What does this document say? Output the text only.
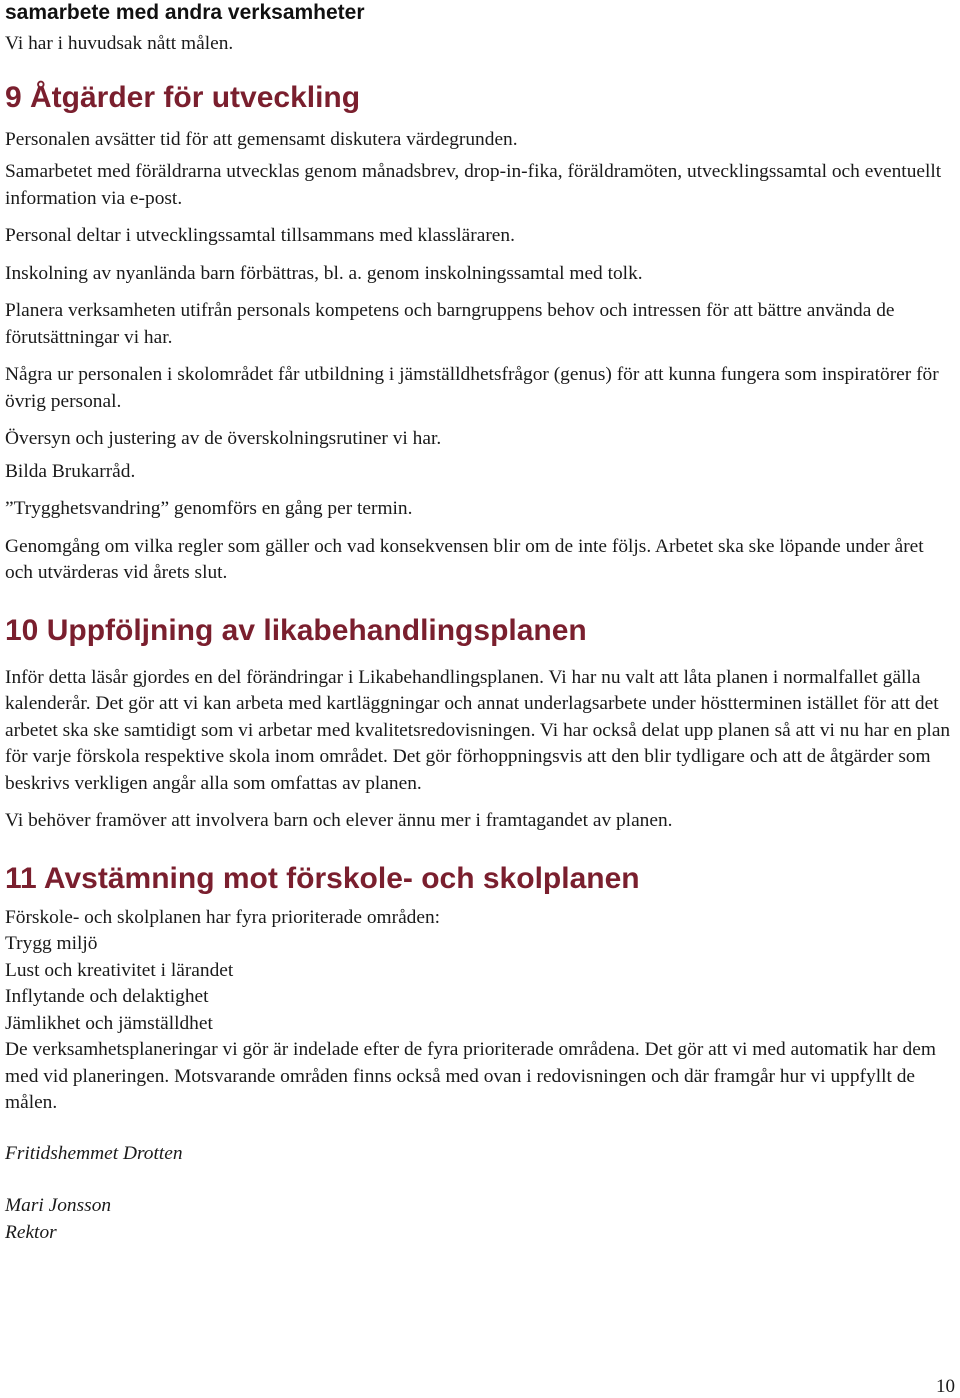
samarbete med andra verksamheter

Vi har i huvudsak nått målen.

9 Åtgärder för utveckling

Personalen avsätter tid för att gemensamt diskutera värdegrunden.

Samarbetet med föräldrarna utvecklas genom månadsbrev, drop-in-fika, föräldramöten, utvecklingssamtal och eventuellt information via e-post.

Personal deltar i utvecklingssamtal tillsammans med klassläraren.

Inskolning av nyanlända barn förbättras, bl. a. genom inskolningssamtal med tolk.

Planera verksamheten utifrån personals kompetens och barngruppens behov och intressen för att bättre använda de förutsättningar vi har.

Några ur personalen i skolområdet får utbildning i jämställdhetsfrågor (genus) för att kunna fungera som inspiratörer för övrig personal.

Översyn och justering av de överskolningsrutiner vi har.

Bilda Brukarråd.

”Trygghetsvandring” genomförs en gång per termin.

Genomgång om vilka regler som gäller och vad konsekvensen blir om de inte följs. Arbetet ska ske löpande under året och utvärderas vid årets slut.

10 Uppföljning av likabehandlingsplanen

Inför detta läsår gjordes en del förändringar i Likabehandlingsplanen. Vi har nu valt att låta planen i normalfallet gälla kalenderår. Det gör att vi kan arbeta med kartläggningar och annat underlagsarbete under höstterminen istället för att det arbetet ska ske samtidigt som vi arbetar med kvalitetsredovisningen. Vi har också delat upp planen så att vi nu har en plan för varje förskola respektive skola inom området. Det gör förhoppningsvis att den blir tydligare och att de åtgärder som beskrivs verkligen angår alla som omfattas av planen.

Vi behöver framöver att involvera barn och elever ännu mer i framtagandet av planen.

11 Avstämning mot förskole- och skolplanen

Förskole- och skolplanen har fyra prioriterade områden:

Trygg miljö

Lust och kreativitet i lärandet

Inflytande och delaktighet

Jämlikhet och jämställdhet

De verksamhetsplaneringar vi gör är indelade efter de fyra prioriterade områdena. Det gör att vi med automatik har dem med vid planeringen. Motsvarande områden finns också med ovan i redovisningen och där framgår hur vi uppfyllt de målen.

Fritidshemmet Drotten

Mari Jonsson

Rektor

10
